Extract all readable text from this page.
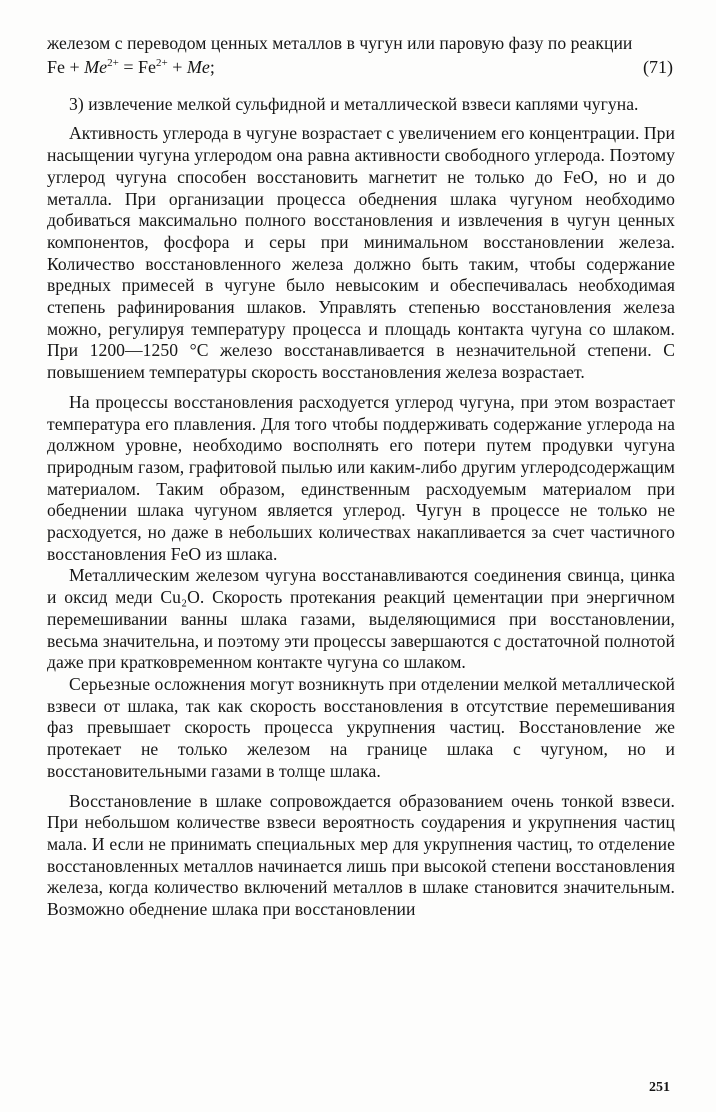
железом с переводом ценных металлов в чугун или паровую фазу по реакции

$Fe + Me^{2+} = Fe^{2+} + Me$;	(71)

3) извлечение мелкой сульфидной и металлической взвеси каплями чугуна.

Активность углерода в чугуне возрастает с увеличением его концентрации. При насыщении чугуна углеродом она равна активности свободного углерода. Поэтому углерод чугуна способен восстановить магнетит не только до FeO, но и до металла. При организации процесса обеднения шлака чугуном необходимо добиваться максимально полного восстановления и извлечения в чугун ценных компонентов, фосфора и серы при минимальном восстановлении железа. Количество восстановленного железа должно быть таким, чтобы содержание вредных примесей в чугуне было невысоким и обеспечивалась необходимая степень рафинирования шлаков. Управлять степенью восстановления железа можно, регулируя температуру процесса и площадь контакта чугуна со шлаком. При 1200—1250 °С железо восстанавливается в незначительной степени. С повышением температуры скорость восстановления железа возрастает.

На процессы восстановления расходуется углерод чугуна, при этом возрастает температура его плавления. Для того чтобы поддерживать содержание углерода на должном уровне, необходимо восполнять его потери путем продувки чугуна природным газом, графитовой пылью или каким-либо другим углеродсодержащим материалом. Таким образом, единственным расходуемым материалом при обеднении шлака чугуном является углерод. Чугун в процессе не только не расходуется, но даже в небольших количествах накапливается за счет частичного восстановления FeO из шлака.

Металлическим железом чугуна восстанавливаются соединения свинца, цинка и оксид меди Cu₂O. Скорость протекания реакций цементации при энергичном перемешивании ванны шлака газами, выделяющимися при восстановлении, весьма значительна, и поэтому эти процессы завершаются с достаточной полнотой даже при кратковременном контакте чугуна со шлаком.

Серьезные осложнения могут возникнуть при отделении мелкой металлической взвеси от шлака, так как скорость восстановления в отсутствие перемешивания фаз превышает скорость процесса укрупнения частиц. Восстановление же протекает не только железом на границе шлака с чугуном, но и восстановительными газами в толще шлака.

Восстановление в шлаке сопровождается образованием очень тонкой взвеси. При небольшом количестве взвеси вероятность соударения и укрупнения частиц мала. И если не принимать специальных мер для укрупнения частиц, то отделение восстановленных металлов начинается лишь при высокой степени восстановления железа, когда количество включений металлов в шлаке становится значительным. Возможно обеднение шлака при восстановлении

251
